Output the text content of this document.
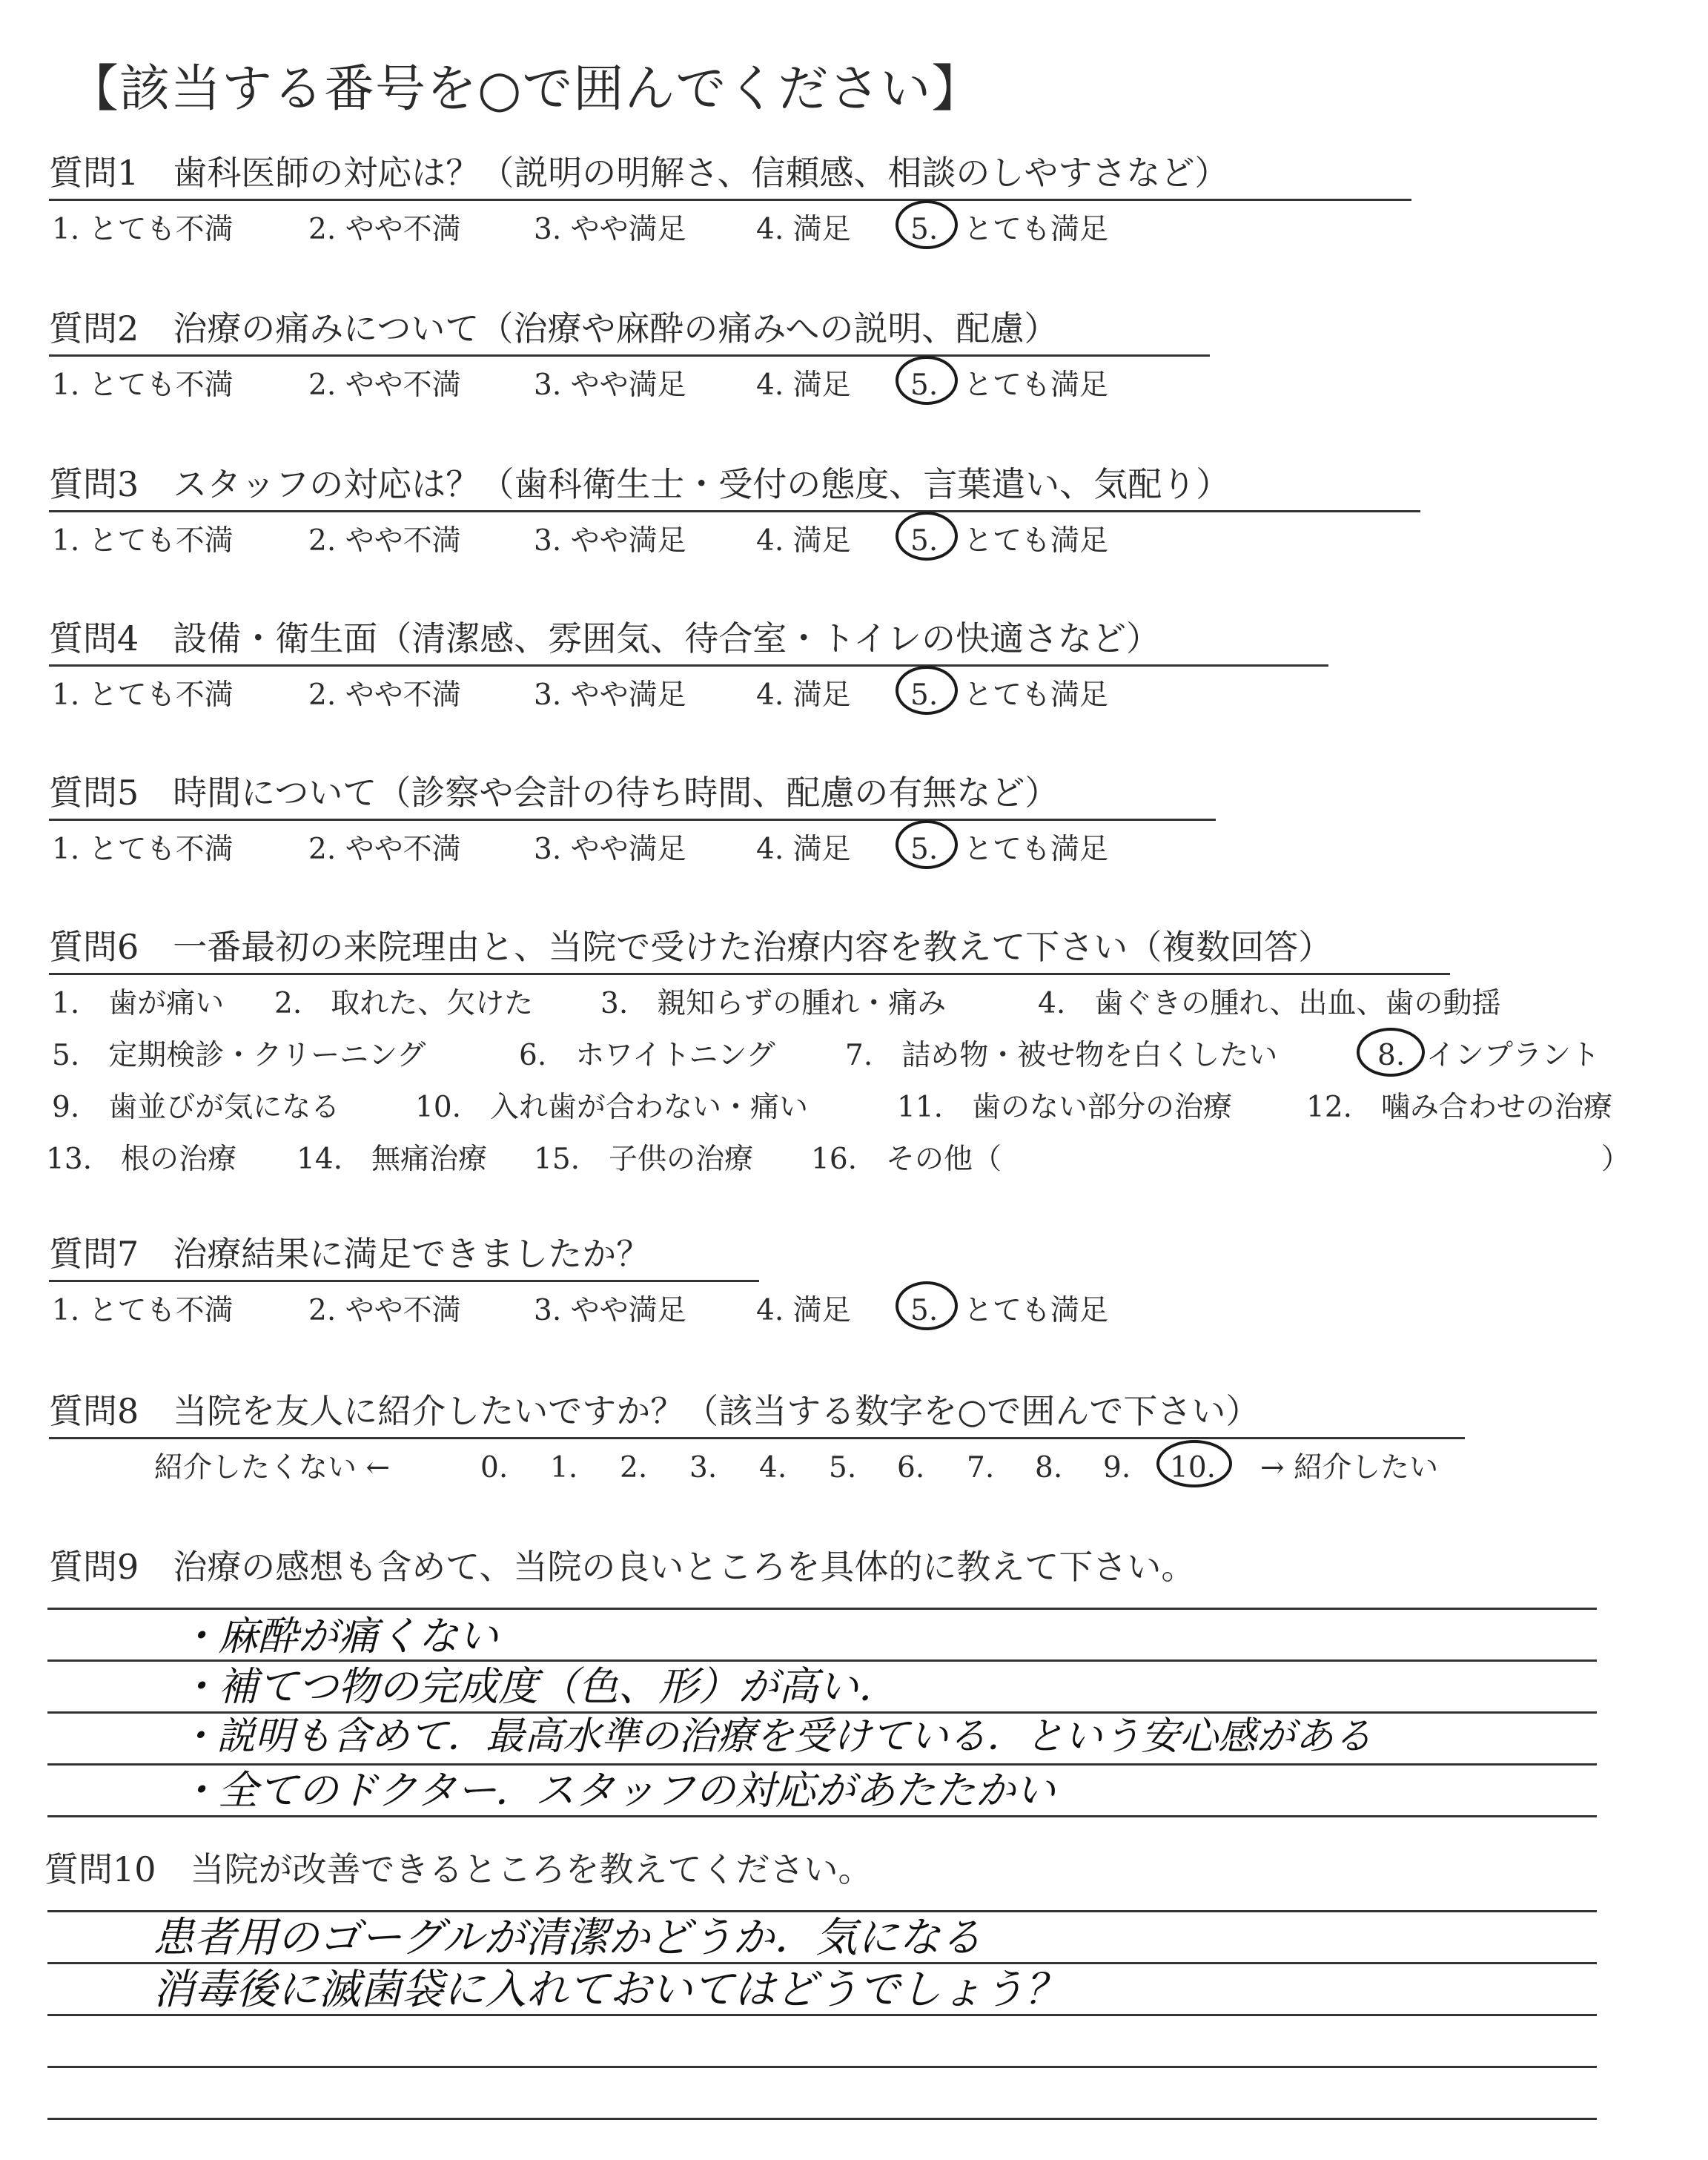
【該当する番号を○で囲んでください】
質問1　歯科医師の対応は？（説明の明解さ、信頼感、相談のしやすさなど）
1. とても不満	2. やや不満	3. やや満足 4. 満足 5. とても満足
質問2　治療の痛みについて（治療や麻酔の痛みへの説明、配慮）
1. とても不満	2. やや不満	3. やや満足 4. 満足 5. とても満足
質問3　スタッフの対応は？（歯科衛生士・受付の態度、言葉遣い、気配り）
1. とても不満	2. やや不満	3. やや満足 4. 満足 5. とても満足
質問4　設備・衛生面（清潔感、雰囲気、待合室・トイレの快適さなど）
1. とても不満	2. やや不満	3. やや満足 4. 満足 5. とても満足
質問5　時間について（診察や会計の待ち時間、配慮の有無など）
1. とても不満	2. やや不満	3. やや満足 4. 満足 5. とても満足
質問6　一番最初の来院理由と、当院で受けた治療内容を教えて下さい（複数回答）
1.　歯が痛い 2.　取れた、欠けた 3.　親知らずの腫れ・痛み	4.　歯ぐきの腫れ、出血、歯の動揺
5.　定期検診・クリーニング	6.　ホワイトニング 7.　詰め物・被せ物を白くしたい	8. インプラント
9.　歯並びが気になる	10.　入れ歯が合わない・痛い	11.　歯のない部分の治療	12.　噛み合わせの治療
13.　根の治療 14.　無痛治療 15.　子供の治療 16.　その他（	）
質問7　治療結果に満足できましたか？
1. とても不満	2. やや不満	3. やや満足 4. 満足 5. とても満足
質問8　当院を友人に紹介したいですか？（該当する数字を○で囲んで下さい）
紹介したくない ←	0. 1. 2. 3. 4. 5. 6. 7. 8. 9. 10. → 紹介したい
質問9　治療の感想も含めて、当院の良いところを具体的に教えて下さい。
・麻酔が痛くない
・補てつ物の完成度（色、形）が高い．
・説明も含めて．最高水準の治療を受けている．という安心感がある
・全てのドクター．スタッフの対応があたたかい
質問10　当院が改善できるところを教えてください。
患者用のゴーグルが清潔かどうか．気になる
消毒後に滅菌袋に入れておいてはどうでしょう？
